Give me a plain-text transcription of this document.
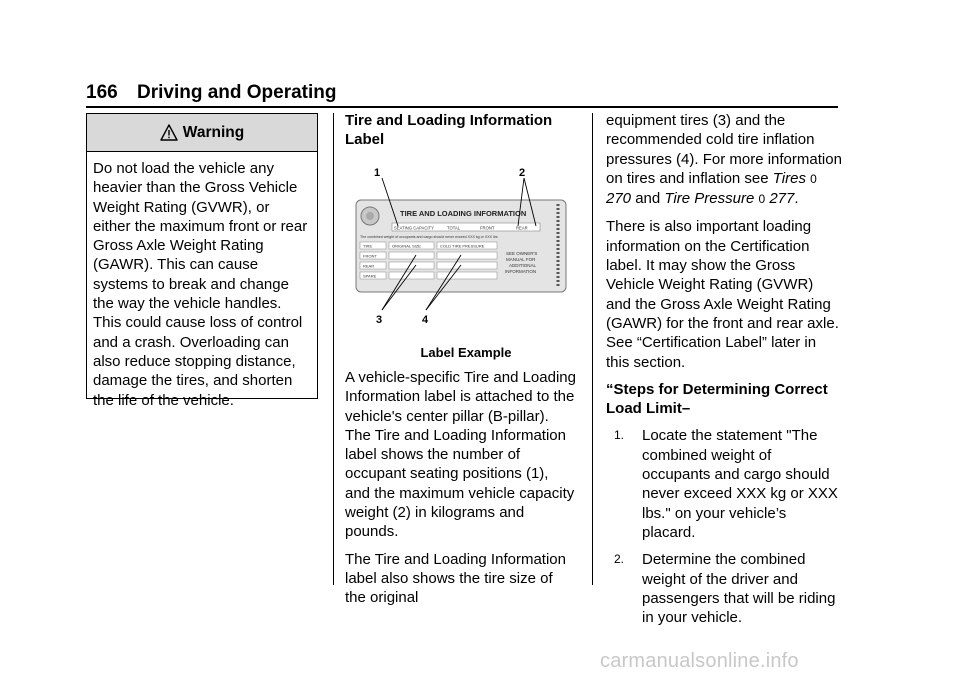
166 Driving and Operating
Warning
Do not load the vehicle any heavier than the Gross Vehicle Weight Rating (GVWR), or either the maximum front or rear Gross Axle Weight Rating (GAWR). This can cause systems to break and change the way the vehicle handles. This could cause loss of control and a crash. Overloading can also reduce stopping distance, damage the tires, and shorten the life of the vehicle.
Tire and Loading Information Label
TIRE AND LOADING INFORMATION
SEATING CAPACITY	TOTAL	FRONT	REAR
The combined weight of occupants and cargo should never exceed XXX kg or XXX lbs
TIRE	ORIGINAL SIZE	COLD TIRE PRESSURE
FRONT
REAR
SPARE
SEE OWNER'S
MANUAL FOR
ADDITIONAL
INFORMATION
1	2
3	4
Label Example

A vehicle-specific Tire and Loading Information label is attached to the vehicle's center pillar (B-pillar). The Tire and Loading Information label shows the number of occupant seating positions (1), and the maximum vehicle capacity weight (2) in kilograms and pounds.

The Tire and Loading Information label also shows the tire size of the original

equipment tires (3) and the recommended cold tire inflation pressures (4). For more information on tires and inflation see Tires 0 270 and Tire Pressure 0 277.

There is also important loading information on the Certification label. It may show the Gross Vehicle Weight Rating (GVWR) and the Gross Axle Weight Rating (GAWR) for the front and rear axle. See “Certification Label” later in this section.

“Steps for Determining Correct Load Limit–

1.	Locate the statement "The combined weight of occupants and cargo should never exceed XXX kg or XXX lbs." on your vehicle’s placard.
2.	Determine the combined weight of the driver and passengers that will be riding in your vehicle.
carmanualsonline.info
